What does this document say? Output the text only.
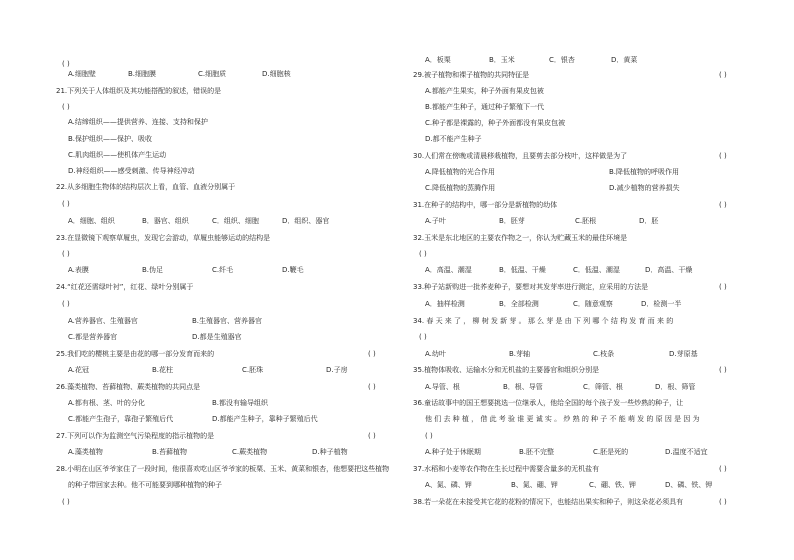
( )
A.细胞壁	B.细胞膜	C.细胞质	D.细胞核
21.下列关于人体组织及其功能搭配的叙述，错误的是
( )
A.结缔组织——提供营养、连接、支持和保护
B.保护组织——保护、吸收
C.肌肉组织——使机体产生运动
D.神经组织——感受刺激、传导神经冲动
22.从多细胞生物体的结构层次上看，血管、血液分别属于
( )
A．细胞、组织	B．器官、组织	C．组织、细胞	D．组织、器官
23.在显微镜下观察草履虫，发现它会游动，草履虫能够运动的结构是
( )
A.表膜	B.伪足	C.纤毛	D.鞭毛
24.“红花还需绿叶衬”，红花、绿叶分别属于
( )
A.营养器官、生殖器官	B.生殖器官、营养器官
C.都是营养器官	D.都是生殖器官
25.我们吃的樱桃主要是由花的哪一部分发育而来的	( )
A.花冠	B.花柱	C.胚珠	D.子房
26.藻类植物、苔藓植物、蕨类植物的共同点是	( )
A.都有根、茎、叶的分化	B.都没有输导组织
C.都能产生孢子，靠孢子繁殖后代	D.都能产生种子，靠种子繁殖后代
27.下列可以作为监测空气污染程度的指示植物的是	( )
A.藻类植物	B.苔藓植物	C.蕨类植物	D.种子植物
28.小明在山区爷爷家住了一段时间，他很喜欢吃山区爷爷家的板栗、玉米、黄菜和银杏，他想要把这些植物
的种子带回家去种。他不可能要到哪种植物的种子
( )
A．板栗	B．玉米	C．银杏	D．黄菜
29.被子植物和裸子植物的共同特征是	( )
A.都能产生果实，种子外面有果皮包被
B.都能产生种子，通过种子繁殖下一代
C.种子都是裸露的，种子外面都没有果皮包被
D.都不能产生种子
30.人们常在傍晚或清晨移栽植物，且要剪去部分枝叶，这样做是为了	( )
A.降低植物的光合作用	B.降低植物的呼吸作用
C.降低植物的蒸腾作用	D.减少植物的营养损失
31.在种子的结构中，哪一部分是新植物的幼体	( )
A.子叶	B．胚芽	C.胚根	D．胚
32.玉米是东北地区的主要农作物之一，你认为贮藏玉米的最佳环境是
( )
A．高温、潮湿	B．低温、干燥	C．低温、潮湿	D．高温、干燥
33.种子站新购进一批荞麦种子，要想对其发芽率进行测定，应采用的方法是	( )
A．抽样检测	B．全部检测	C．随意观察	D．检测一半
34. 春 天 来 了 ， 柳 树 发 新 芽 。 那 么 芽 是 由 下 列 哪 个 结 构 发 育 而 来 的
( )
A.幼叶	B.芽轴	C.枝条	D.芽原基
35.植物体吸收、运输水分和无机盐的主要器官和组织分别是	( )
A.导管、根	B．根、导管	C．筛管、根	D．根、筛管
36.童话故事中的国王想要挑选一位继承人，他给全国的每个孩子发一些炒熟的种子，让
他 们 去 种 植 ， 借 此 考 验 谁 更 诚 实 。 炒 熟 的 种 子 不 能 萌 发 的 原 因 是 因 为
( )
A.种子处于休眠期	B.胚不完整	C.胚是死的	D.温度不适宜
37.水稻和小麦等农作物在生长过程中需要含量多的无机盐有	( )
A、氮、磷、钾	B、氮、硼、钾	C、硼、铁、钾	D、磷、铁、钾
38.若一朵花在未接受其它花的花粉的情况下，也能结出果实和种子，则这朵花必须具有	( )
